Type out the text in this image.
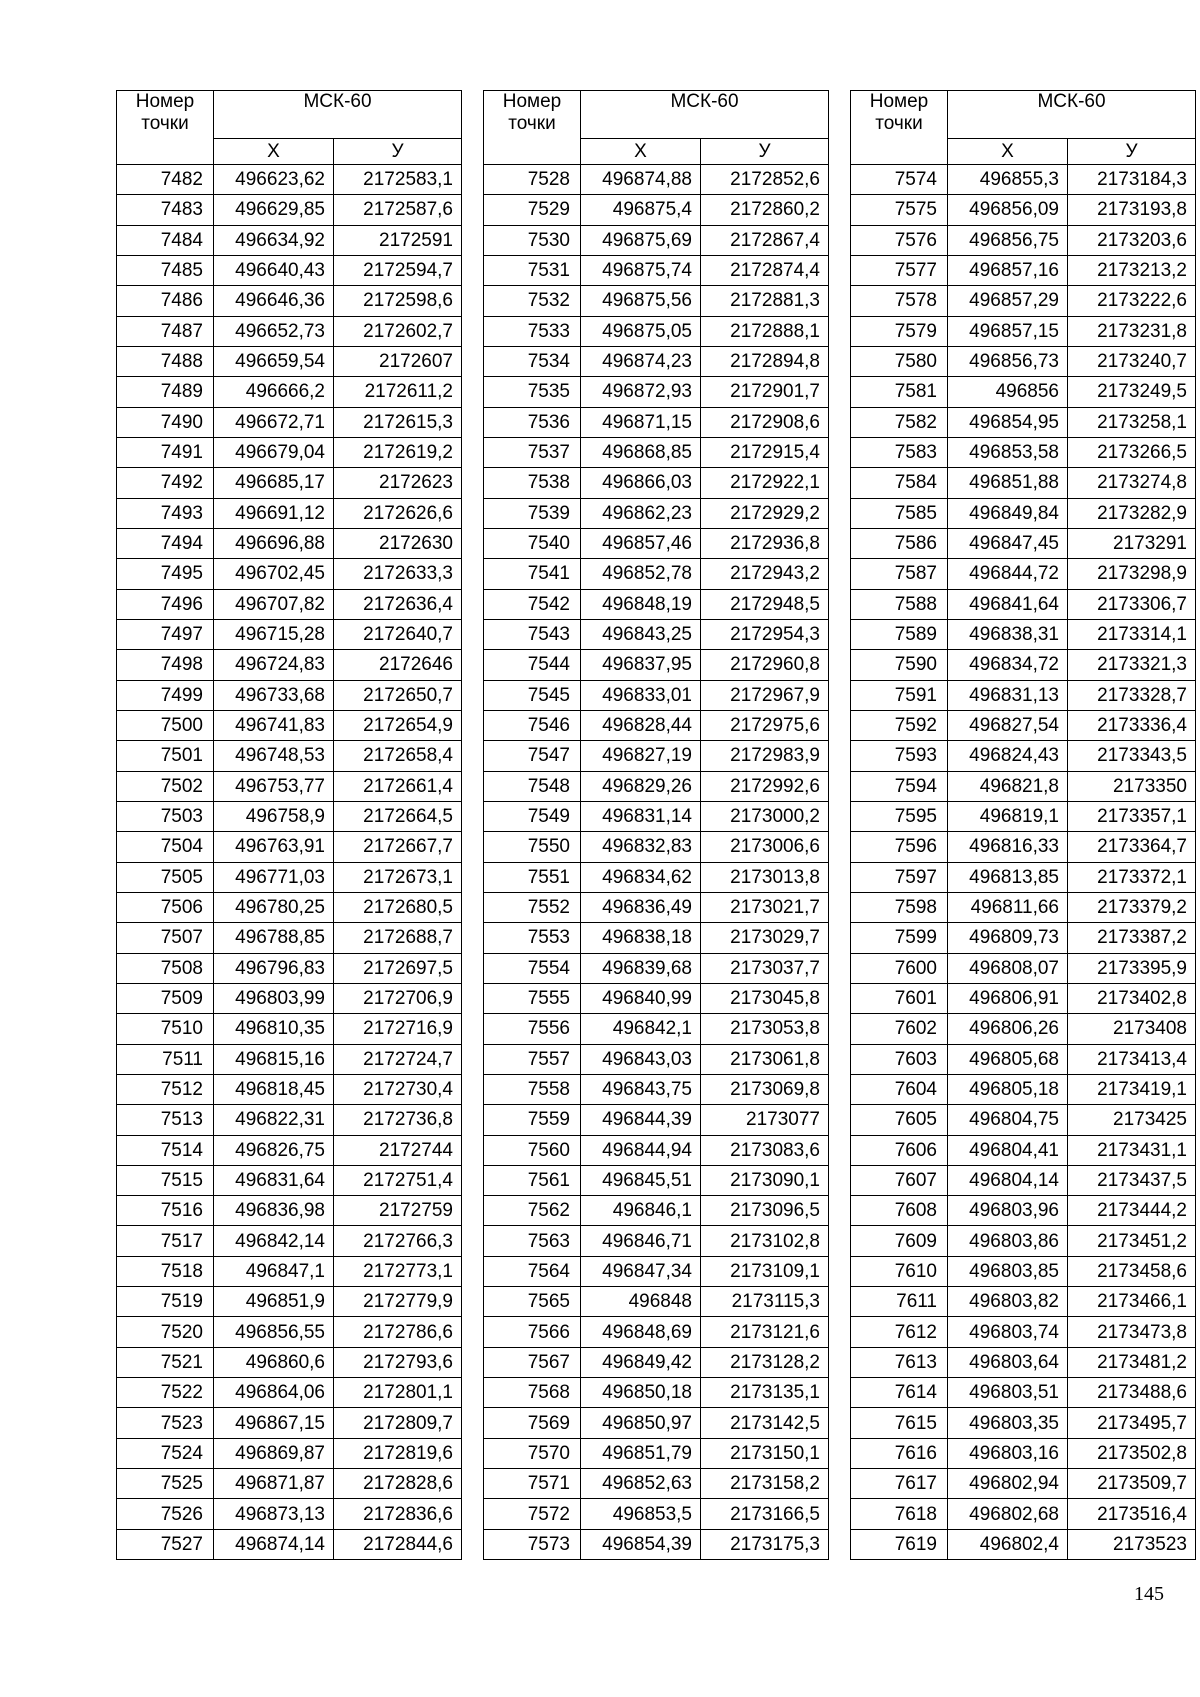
Номер точки	МСК-60	
	Х	У
7482	496623,62	2172583,1
7483	496629,85	2172587,6
7484	496634,92	2172591
7485	496640,43	2172594,7
7486	496646,36	2172598,6
7487	496652,73	2172602,7
7488	496659,54	2172607
7489	496666,2	2172611,2
7490	496672,71	2172615,3
7491	496679,04	2172619,2
7492	496685,17	2172623
7493	496691,12	2172626,6
7494	496696,88	2172630
7495	496702,45	2172633,3
7496	496707,82	2172636,4
7497	496715,28	2172640,7
7498	496724,83	2172646
7499	496733,68	2172650,7
7500	496741,83	2172654,9
7501	496748,53	2172658,4
7502	496753,77	2172661,4
7503	496758,9	2172664,5
7504	496763,91	2172667,7
7505	496771,03	2172673,1
7506	496780,25	2172680,5
7507	496788,85	2172688,7
7508	496796,83	2172697,5
7509	496803,99	2172706,9
7510	496810,35	2172716,9
7511	496815,16	2172724,7
7512	496818,45	2172730,4
7513	496822,31	2172736,8
7514	496826,75	2172744
7515	496831,64	2172751,4
7516	496836,98	2172759
7517	496842,14	2172766,3
7518	496847,1	2172773,1
7519	496851,9	2172779,9
7520	496856,55	2172786,6
7521	496860,6	2172793,6
7522	496864,06	2172801,1
7523	496867,15	2172809,7
7524	496869,87	2172819,6
7525	496871,87	2172828,6
7526	496873,13	2172836,6
7527	496874,14	2172844,6
Номер точки	МСК-60	
	Х	У
7528	496874,88	2172852,6
7529	496875,4	2172860,2
7530	496875,69	2172867,4
7531	496875,74	2172874,4
7532	496875,56	2172881,3
7533	496875,05	2172888,1
7534	496874,23	2172894,8
7535	496872,93	2172901,7
7536	496871,15	2172908,6
7537	496868,85	2172915,4
7538	496866,03	2172922,1
7539	496862,23	2172929,2
7540	496857,46	2172936,8
7541	496852,78	2172943,2
7542	496848,19	2172948,5
7543	496843,25	2172954,3
7544	496837,95	2172960,8
7545	496833,01	2172967,9
7546	496828,44	2172975,6
7547	496827,19	2172983,9
7548	496829,26	2172992,6
7549	496831,14	2173000,2
7550	496832,83	2173006,6
7551	496834,62	2173013,8
7552	496836,49	2173021,7
7553	496838,18	2173029,7
7554	496839,68	2173037,7
7555	496840,99	2173045,8
7556	496842,1	2173053,8
7557	496843,03	2173061,8
7558	496843,75	2173069,8
7559	496844,39	2173077
7560	496844,94	2173083,6
7561	496845,51	2173090,1
7562	496846,1	2173096,5
7563	496846,71	2173102,8
7564	496847,34	2173109,1
7565	496848	2173115,3
7566	496848,69	2173121,6
7567	496849,42	2173128,2
7568	496850,18	2173135,1
7569	496850,97	2173142,5
7570	496851,79	2173150,1
7571	496852,63	2173158,2
7572	496853,5	2173166,5
7573	496854,39	2173175,3
Номер точки	МСК-60	
	Х	У
7574	496855,3	2173184,3
7575	496856,09	2173193,8
7576	496856,75	2173203,6
7577	496857,16	2173213,2
7578	496857,29	2173222,6
7579	496857,15	2173231,8
7580	496856,73	2173240,7
7581	496856	2173249,5
7582	496854,95	2173258,1
7583	496853,58	2173266,5
7584	496851,88	2173274,8
7585	496849,84	2173282,9
7586	496847,45	2173291
7587	496844,72	2173298,9
7588	496841,64	2173306,7
7589	496838,31	2173314,1
7590	496834,72	2173321,3
7591	496831,13	2173328,7
7592	496827,54	2173336,4
7593	496824,43	2173343,5
7594	496821,8	2173350
7595	496819,1	2173357,1
7596	496816,33	2173364,7
7597	496813,85	2173372,1
7598	496811,66	2173379,2
7599	496809,73	2173387,2
7600	496808,07	2173395,9
7601	496806,91	2173402,8
7602	496806,26	2173408
7603	496805,68	2173413,4
7604	496805,18	2173419,1
7605	496804,75	2173425
7606	496804,41	2173431,1
7607	496804,14	2173437,5
7608	496803,96	2173444,2
7609	496803,86	2173451,2
7610	496803,85	2173458,6
7611	496803,82	2173466,1
7612	496803,74	2173473,8
7613	496803,64	2173481,2
7614	496803,51	2173488,6
7615	496803,35	2173495,7
7616	496803,16	2173502,8
7617	496802,94	2173509,7
7618	496802,68	2173516,4
7619	496802,4	2173523
145
